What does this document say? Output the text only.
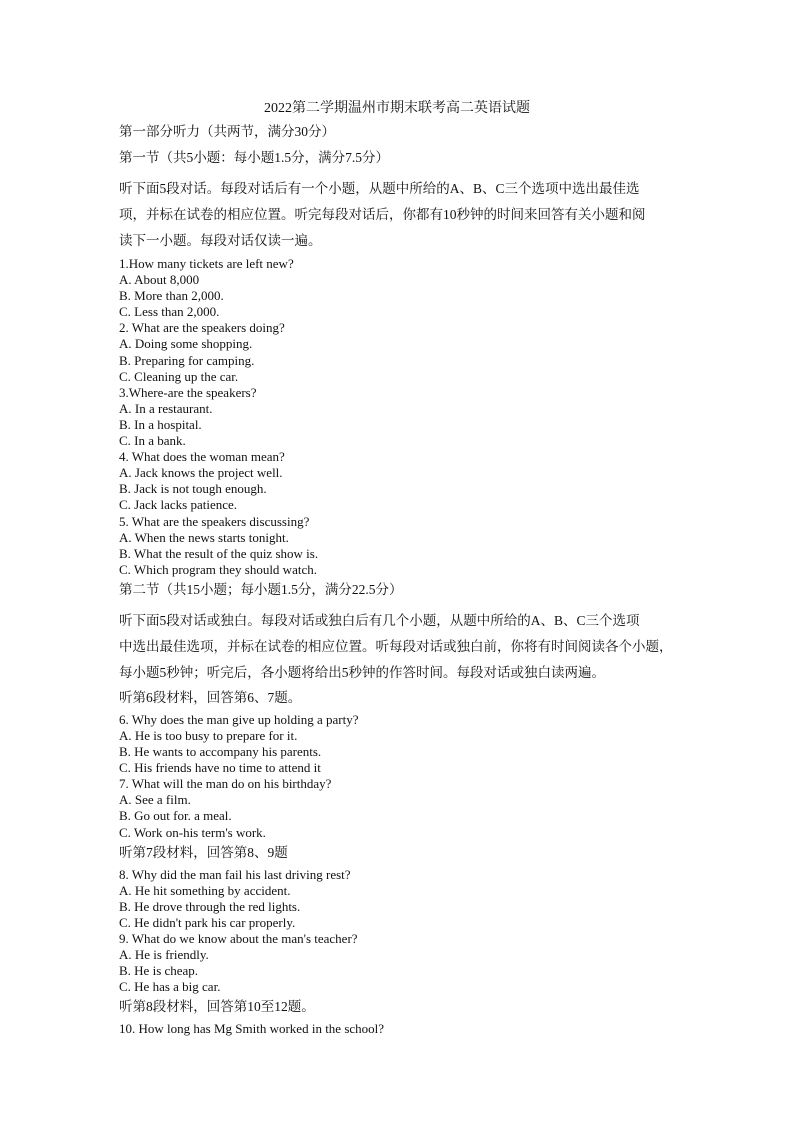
2022第二学期温州市期末联考高二英语试题

第一部分听力（共两节，满分30分）

第一节（共5小题：每小题1.5分，满分7.5分）

听下面5段对话。每段对话后有一个小题，从题中所给的A、B、C三个选项中选出最佳选
项，并标在试卷的相应位置。听完每段对话后，你都有10秒钟的时间来回答有关小题和阅
读下一小题。每段对话仅读一遍。

1.How many tickets are left new?

A. About 8,000

B. More than 2,000.

C. Less than 2,000.

2. What are the speakers doing?

A. Doing some shopping.

B. Preparing for camping.

C. Cleaning up the car.

3.Where-are the speakers?

A. In a restaurant.

B. In a hospital.

C. In a bank.

4. What does the woman mean?

A. Jack knows the project well.

B. Jack is not tough enough.

C. Jack lacks patience.

5. What are the speakers discussing?

A. When the news starts tonight.

B. What the result of the quiz show is.

C. Which program they should watch.

第二节（共15小题；每小题1.5分，满分22.5分）

听下面5段对话或独白。每段对话或独白后有几个小题，从题中所给的A、B、C三个选项
中选出最佳选项，并标在试卷的相应位置。听每段对话或独白前，你将有时间阅读各个小题，
每小题5秒钟；听完后，各小题将给出5秒钟的作答时间。每段对话或独白读两遍。

听第6段材料，回答第6、7题。

6. Why does the man give up holding a party?

A. He is too busy to prepare for it.

B. He wants to accompany his parents.

C. His friends have no time to attend it

7. What will the man do on his birthday?

A. See a film.

B. Go out for. a meal.

C. Work on-his term's work.

听第7段材料，回答第8、9题

8. Why did the man fail his last driving rest?

A. He hit something by accident.

B. He drove through the red lights.

C. He didn't park his car properly.

9. What do we know about the man's teacher?

A. He is friendly.

B. He is cheap.

C. He has a big car.

听第8段材料，回答第10至12题。

10. How long has Mg Smith worked in the school?
